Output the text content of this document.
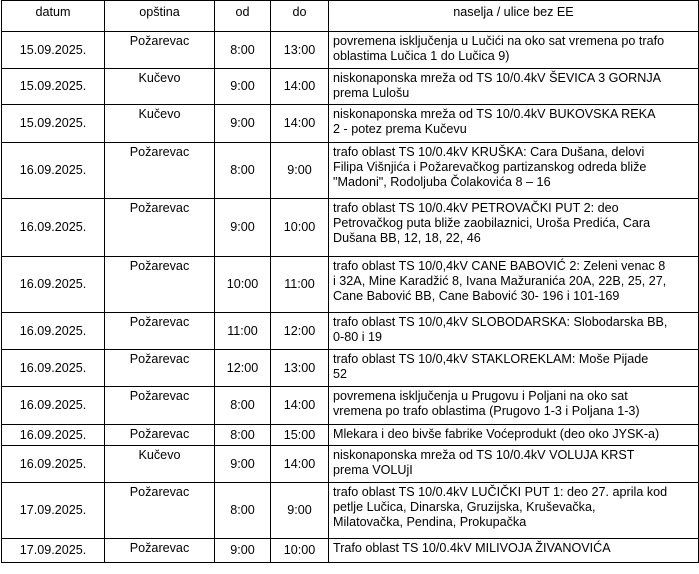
datum	opština	od	do	naselja / ulice bez EE
15.09.2025.	Požarevac	8:00	13:00	povremena isključenja u Lučići na oko sat vremena po trafo
oblastima Lučica 1 do Lučica 9)
15.09.2025.	Kučevo	9:00	14:00	niskonaponska mreža od TS 10/0.4kV ŠEVICA 3 GORNJA
prema Lulošu
15.09.2025.	Kučevo	9:00	14:00	niskonaponska mreža od TS 10/0.4kV BUKOVSKA REKA
2 - potez prema Kučevu
16.09.2025.	Požarevac	8:00	9:00	trafo oblast TS 10/0.4kV KRUŠKA: Cara Dušana, delovi
Filipa Višnjića i Požarevačkog partizanskog odreda bliže
"Madoni", Rodoljuba Čolakovića 8 – 16
16.09.2025.	Požarevac	9:00	10:00	trafo oblast TS 10/0.4kV PETROVAČKI PUT 2: deo
Petrovačkog puta bliže zaobilaznici, Uroša Predića, Cara
Dušana BB, 12, 18, 22, 46
16.09.2025.	Požarevac	10:00	11:00	trafo oblast TS 10/0,4kV CANE BABOVIĆ 2: Zeleni venac 8
i 32A, Mine Karadžić 8, Ivana Mažuranića 20A, 22B, 25, 27,
Cane Babović BB, Cane Babović 30- 196 i 101-169
16.09.2025.	Požarevac	11:00	12:00	trafo oblast TS 10/0,4kV SLOBODARSKA: Slobodarska BB,
0-80 i 19
16.09.2025.	Požarevac	12:00	13:00	trafo oblast TS 10/0,4kV STAKLOREKLAM: Moše Pijade
52
16.09.2025.	Požarevac	8:00	14:00	povremena isključenja u Prugovu i Poljani na oko sat
vremena po trafo oblastima (Prugovo 1-3 i Poljana 1-3)
16.09.2025.	Požarevac	8:00	15:00	Mlekara i deo bivše fabrike Voćeprodukt (deo oko JYSK-a)
16.09.2025.	Kučevo	9:00	14:00	niskonaponska mreža od TS 10/0.4kV VOLUJA KRST
prema VOLUjI
17.09.2025.	Požarevac	8:00	9:00	trafo oblast TS 10/0.4kV LUČIČKI PUT 1: deo 27. aprila kod
petlje Lučica, Dinarska, Gruzijska, Kruševačka,
Milatovačka, Pendina, Prokupačka
17.09.2025.	Požarevac	9:00	10:00	Trafo oblast TS 10/0.4kV MILIVOJA ŽIVANOVIĆA
